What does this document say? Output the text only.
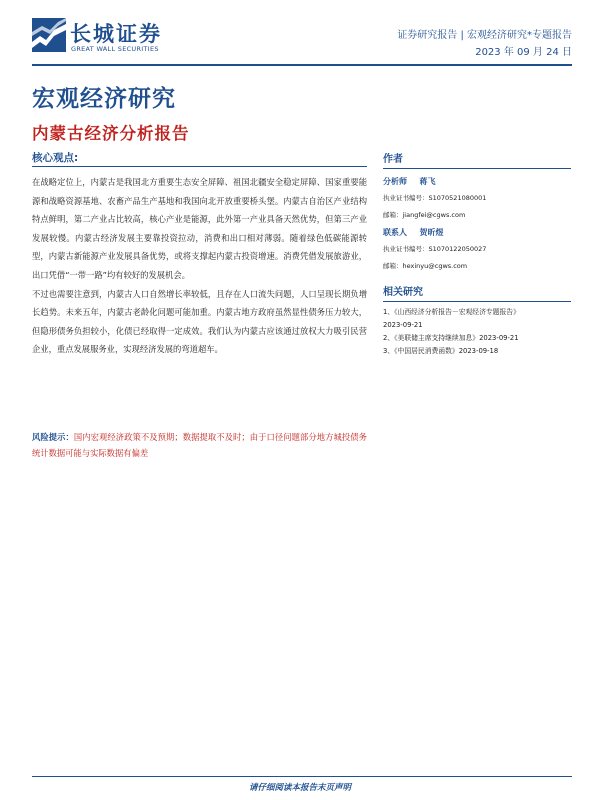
长城证券
GREAT WALL SECURITIES
证券研究报告 | 宏观经济研究*专题报告
2023 年 09 月 24 日
宏观经济研究
内蒙古经济分析报告
核心观点:

在战略定位上，内蒙古是我国北方重要生态安全屏障、祖国北疆安全稳定屏障、国家重要能源和战略资源基地、农畜产品生产基地和我国向北开放重要桥头堡。内蒙古自治区产业结构特点鲜明，第二产业占比较高，核心产业是能源，此外第一产业具备天然优势，但第三产业发展较慢。内蒙古经济发展主要靠投资拉动，消费和出口相对薄弱。随着绿色低碳能源转型，内蒙古新能源产业发展具备优势，或将支撑起内蒙古投资增速。消费凭借发展旅游业，出口凭借“一带一路”均有较好的发展机会。

不过也需要注意到，内蒙古人口自然增长率较低，且存在人口流失问题，人口呈现长期负增长趋势。未来五年，内蒙古老龄化问题可能加重。内蒙古地方政府虽然显性债务压力较大，但隐形债务负担较小，化债已经取得一定成效。我们认为内蒙古应该通过放权大力吸引民营企业，重点发展服务业，实现经济发展的弯道超车。

风险提示：国内宏观经济政策不及预期；数据提取不及时；由于口径问题部分地方城投债务统计数据可能与实际数据有偏差
作者
分析师 蒋飞
执业证书编号：S1070521080001
邮箱：jiangfei@cgws.com
联系人 贺昕煜
执业证书编号：S1070122050027
邮箱：hexinyu@cgws.com
相关研究
1、《山西经济分析报告－宏观经济专题报告》
2023-09-21
2、《美联储主席支持继续加息》2023-09-21
3、《中国居民消费函数》2023-09-18
请仔细阅读本报告末页声明
